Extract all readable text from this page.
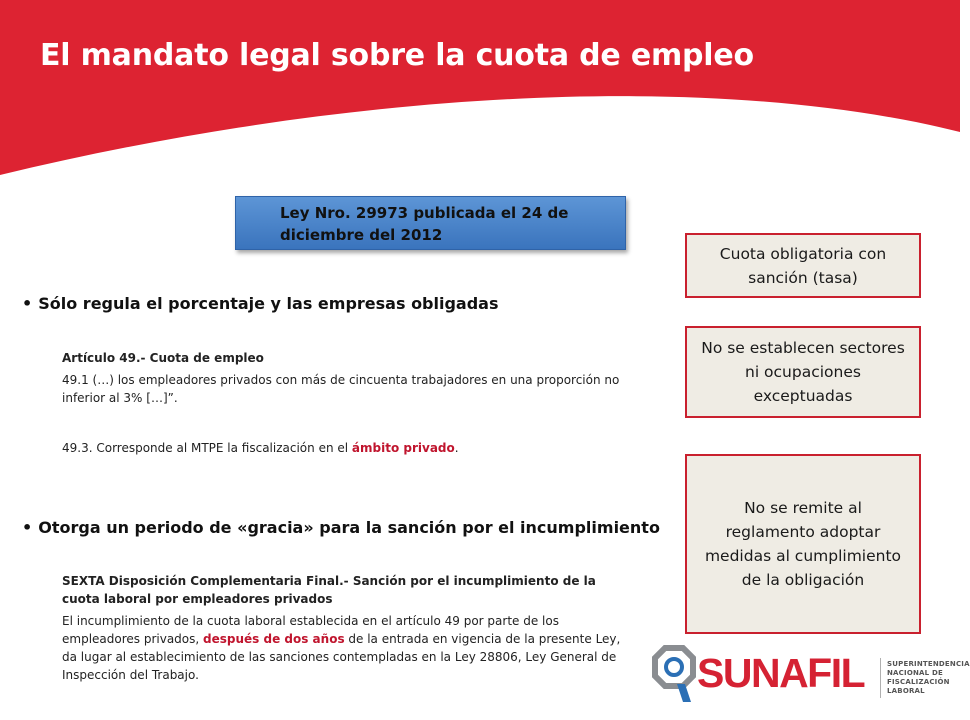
El mandato legal sobre la cuota de empleo
Ley Nro. 29973 publicada el 24 de diciembre del 2012
• Sólo regula el porcentaje y las empresas obligadas
Artículo 49.- Cuota de empleo
49.1 (…) los empleadores privados con más de cincuenta trabajadores en una proporción no inferior al 3% […]”.
49.3. Corresponde al MTPE la fiscalización en el ámbito privado.
• Otorga un periodo de «gracia» para la sanción por el incumplimiento
SEXTA Disposición Complementaria Final.- Sanción por el incumplimiento de la cuota laboral por empleadores privados
El incumplimiento de la cuota laboral establecida en el artículo 49 por parte de los empleadores privados, después de dos años de la entrada en vigencia de la presente Ley, da lugar al establecimiento de las sanciones contempladas en la Ley 28806, Ley General de Inspección del Trabajo.
Cuota obligatoria con sanción (tasa)
No se establecen sectores ni ocupaciones exceptuadas
No se remite al reglamento adoptar medidas al cumplimiento de la obligación
SUNAFIL	SUPERINTENDENCIA NACIONAL DE FISCALIZACIÓN LABORAL
